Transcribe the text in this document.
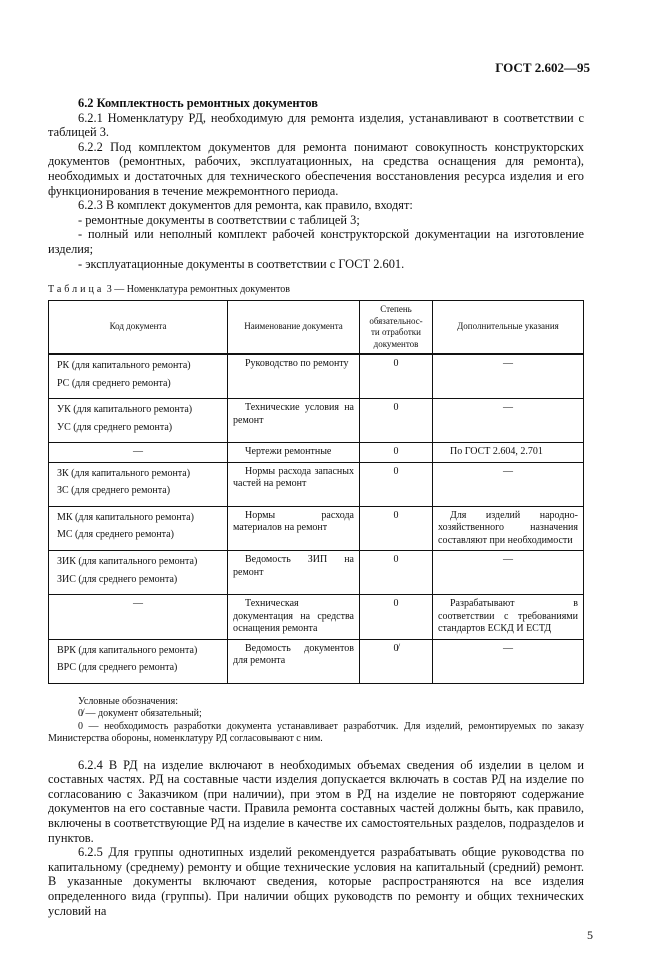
ГОСТ 2.602—95

6.2 Комплектность ремонтных документов

6.2.1 Номенклатуру РД, необходимую для ремонта изделия, устанавливают в соответствии с таблицей 3.

6.2.2 Под комплектом документов для ремонта понимают совокупность конструкторских документов (ремонтных, рабочих, эксплуатационных, на средства оснащения для ремонта), необходимых и достаточных для технического обеспечения восстановления ресурса изделия и его функционирования в течение межремонтного периода.

6.2.3 В комплект документов для ремонта, как правило, входят:

- ремонтные документы в соответствии с таблицей 3;

- полный или неполный комплект рабочей конструкторской документации на изготовление изделия;

- эксплуатационные документы в соответствии с ГОСТ 2.601.

Таблица 3 — Номенклатура ремонтных документов
Код документа	Наименование документа	Степень обязательнос-ти отработки документов	Дополнительные указания

РК (для капитального ремонта)
РС (для среднего ремонта)	Руководство по ремонту	0	—

УК (для капитального ремонта)
УС (для среднего ремонта)	Технические условия на ремонт	0	—

—	Чертежи ремонтные	0	По ГОСТ 2.604, 2.701

ЗК (для капитального ремонта)
ЗС (для среднего ремонта)	Нормы расхода запасных частей на ремонт	0	—

МК (для капитального ремонта)
МС (для среднего ремонта)	Нормы расхода материалов на ремонт	0	Для изделий народно-хозяйственного назначения составляют при необходимости

ЗИК (для капитального ремонта)
ЗИС (для среднего ремонта)	Ведомость ЗИП на ремонт	0	—

—	Техническая документация на средства оснащения ремонта	0	Разрабатывают в соответствии с требованиями стандартов ЕСКД И ЕСТД

ВРК (для капитального ремонта)
ВРС (для среднего ремонта)	Ведомость документов для ремонта	0̸	—

Условные обозначения:

0̸ — документ обязательный;

0 — необходимость разработки документа устанавливает разработчик. Для изделий, ремонтируемых по заказу Министерства обороны, номенклатуру РД согласовывают с ним.

6.2.4 В РД на изделие включают в необходимых объемах сведения об изделии в целом и составных частях. РД на составные части изделия допускается включать в состав РД на изделие по согласованию с Заказчиком (при наличии), при этом в РД на изделие не повторяют содержание документов на его составные части. Правила ремонта составных частей должны быть, как правило, включены в соответствующие РД на изделие в качестве их самостоятельных разделов, подразделов и пунктов.

6.2.5 Для группы однотипных изделий рекомендуется разрабатывать общие руководства по капитальному (среднему) ремонту и общие технические условия на капитальный (средний) ремонт. В указанные документы включают сведения, которые распространяются на все изделия определенного вида (группы). При наличии общих руководств по ремонту и общих технических условий на

5
